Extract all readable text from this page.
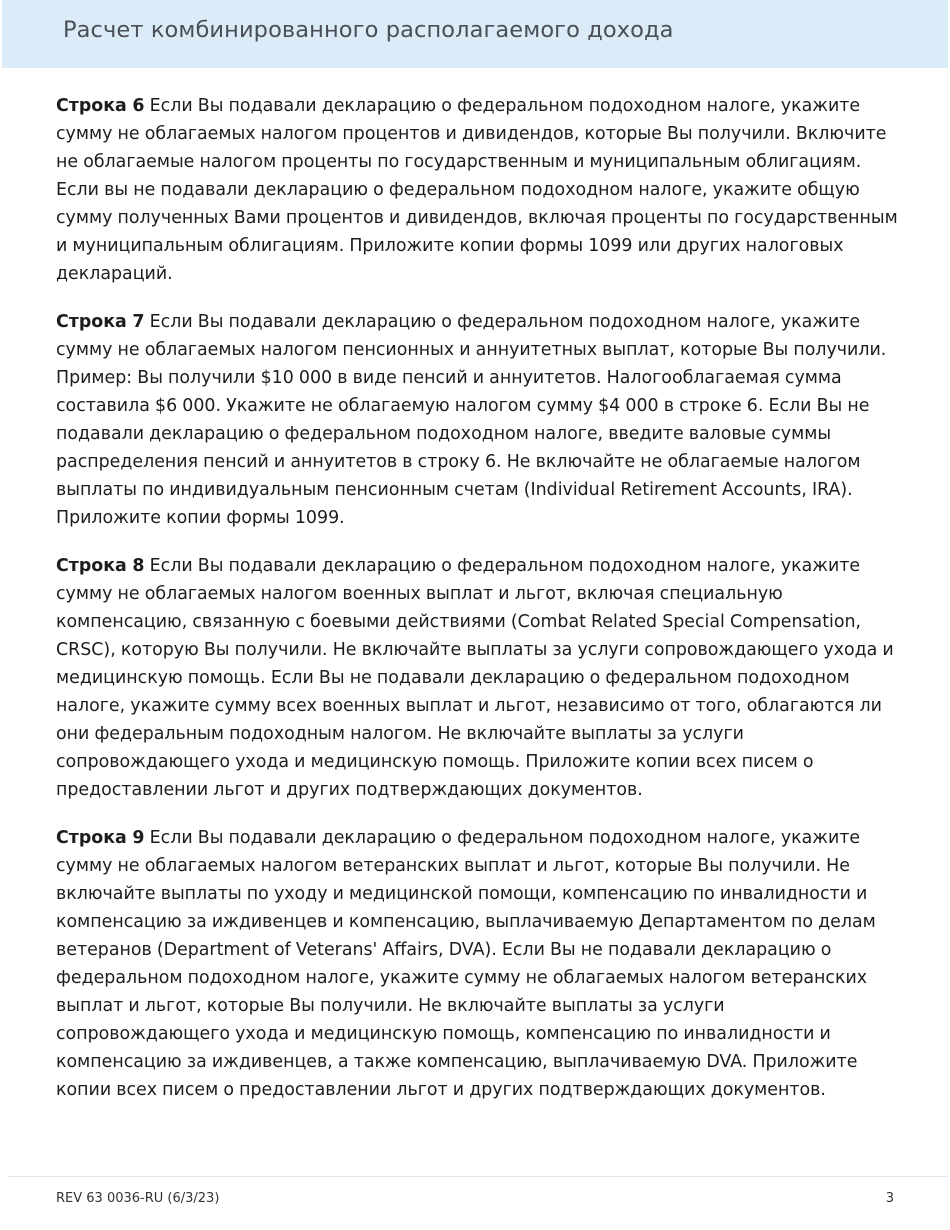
Расчет комбинированного располагаемого дохода

Строка 6 Если Вы подавали декларацию о федеральном подоходном налоге, укажите сумму не облагаемых налогом процентов и дивидендов, которые Вы получили. Включите не облагаемые налогом проценты по государственным и муниципальным облигациям. Если вы не подавали декларацию о федеральном подоходном налоге, укажите общую сумму полученных Вами процентов и дивидендов, включая проценты по государственным и муниципальным облигациям. Приложите копии формы 1099 или других налоговых деклараций.

Строка 7 Если Вы подавали декларацию о федеральном подоходном налоге, укажите сумму не облагаемых налогом пенсионных и аннуитетных выплат, которые Вы получили. Пример: Вы получили $10 000 в виде пенсий и аннуитетов. Налогооблагаемая сумма составила $6 000. Укажите не облагаемую налогом сумму $4 000 в строке 6. Если Вы не подавали декларацию о федеральном подоходном налоге, введите валовые суммы распределения пенсий и аннуитетов в строку 6. Не включайте не облагаемые налогом выплаты по индивидуальным пенсионным счетам (Individual Retirement Accounts, IRA). Приложите копии формы 1099.

Строка 8 Если Вы подавали декларацию о федеральном подоходном налоге, укажите сумму не облагаемых налогом военных выплат и льгот, включая специальную компенсацию, связанную с боевыми действиями (Combat Related Special Compensation, CRSC), которую Вы получили. Не включайте выплаты за услуги сопровождающего ухода и медицинскую помощь. Если Вы не подавали декларацию о федеральном подоходном налоге, укажите сумму всех военных выплат и льгот, независимо от того, облагаются ли они федеральным подоходным налогом. Не включайте выплаты за услуги сопровождающего ухода и медицинскую помощь. Приложите копии всех писем о предоставлении льгот и других подтверждающих документов.

Строка 9 Если Вы подавали декларацию о федеральном подоходном налоге, укажите сумму не облагаемых налогом ветеранских выплат и льгот, которые Вы получили. Не включайте выплаты по уходу и медицинской помощи, компенсацию по инвалидности и компенсацию за иждивенцев и компенсацию, выплачиваемую Департаментом по делам ветеранов (Department of Veterans' Affairs, DVA). Если Вы не подавали декларацию о федеральном подоходном налоге, укажите сумму не облагаемых налогом ветеранских выплат и льгот, которые Вы получили. Не включайте выплаты за услуги сопровождающего ухода и медицинскую помощь, компенсацию по инвалидности и компенсацию за иждивенцев, а также компенсацию, выплачиваемую DVA. Приложите копии всех писем о предоставлении льгот и других подтверждающих документов.

REV 63 0036-RU (6/3/23)	3
